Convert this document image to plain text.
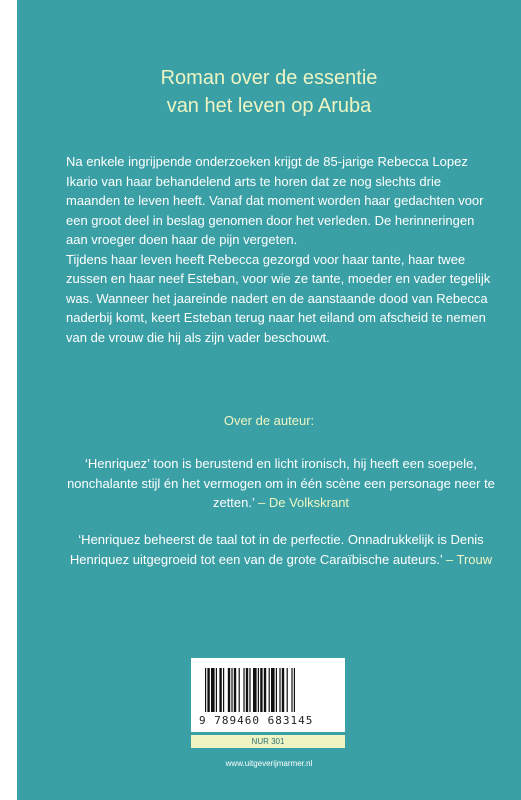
Roman over de essentie
van het leven op Aruba

Na enkele ingrijpende onderzoeken krijgt de 85-jarige Rebecca Lopez Ikario van haar behandelend arts te horen dat ze nog slechts drie maanden te leven heeft. Vanaf dat moment worden haar gedachten voor een groot deel in beslag genomen door het verleden. De herinneringen aan vroeger doen haar de pijn vergeten.

Tijdens haar leven heeft Rebecca gezorgd voor haar tante, haar twee zussen en haar neef Esteban, voor wie ze tante, moeder en vader tegelijk was. Wanneer het jaareinde nadert en de aanstaande dood van Rebecca naderbij komt, keert Esteban terug naar het eiland om afscheid te nemen van de vrouw die hij als zijn vader beschouwt.

Over de auteur:
‘Henriquez’ toon is berustend en licht ironisch, hij heeft een soepele, nonchalante stijl én het vermogen om in één scène een personage neer te zetten.’ – De Volkskrant
‘Henriquez beheerst de taal tot in de perfectie. Onnadrukkelijk is Denis Henriquez uitgegroeid tot een van de grote Caraïbische auteurs.’ – Trouw
9 789460 683145
NUR 301
www.uitgeverijmarmer.nl
